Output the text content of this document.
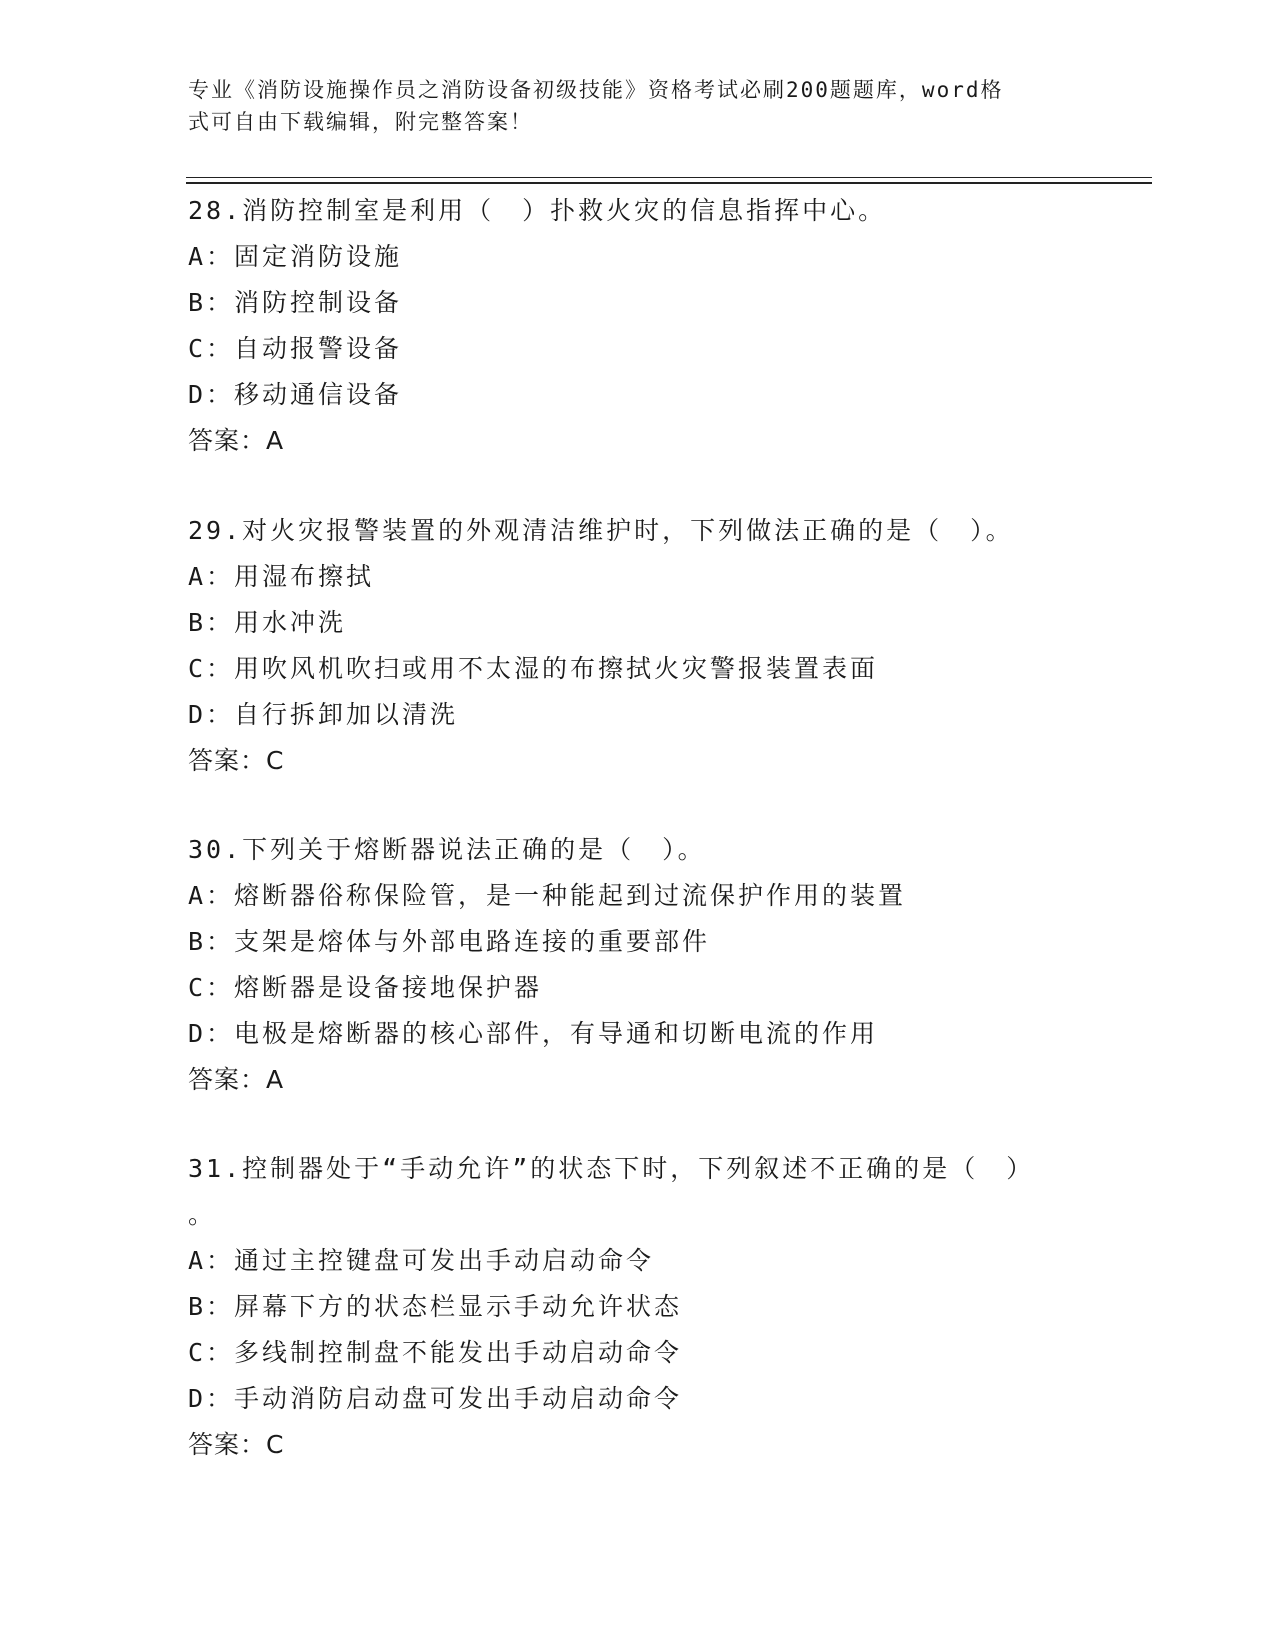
专业《消防设施操作员之消防设备初级技能》资格考试必刷200题题库，word格
式可自由下载编辑，附完整答案！
28.消防控制室是利用（　）扑救火灾的信息指挥中心。
A：固定消防设施
B：消防控制设备
C：自动报警设备
D：移动通信设备
答案：A
29.对火灾报警装置的外观清洁维护时，下列做法正确的是（　）。
A：用湿布擦拭
B：用水冲洗
C：用吹风机吹扫或用不太湿的布擦拭火灾警报装置表面
D：自行拆卸加以清洗
答案：C
30.下列关于熔断器说法正确的是（　）。
A：熔断器俗称保险管，是一种能起到过流保护作用的装置
B：支架是熔体与外部电路连接的重要部件
C：熔断器是设备接地保护器
D：电极是熔断器的核心部件，有导通和切断电流的作用
答案：A
31.控制器处于“手动允许”的状态下时，下列叙述不正确的是（　）
。
A：通过主控键盘可发出手动启动命令
B：屏幕下方的状态栏显示手动允许状态
C：多线制控制盘不能发出手动启动命令
D：手动消防启动盘可发出手动启动命令
答案：C
